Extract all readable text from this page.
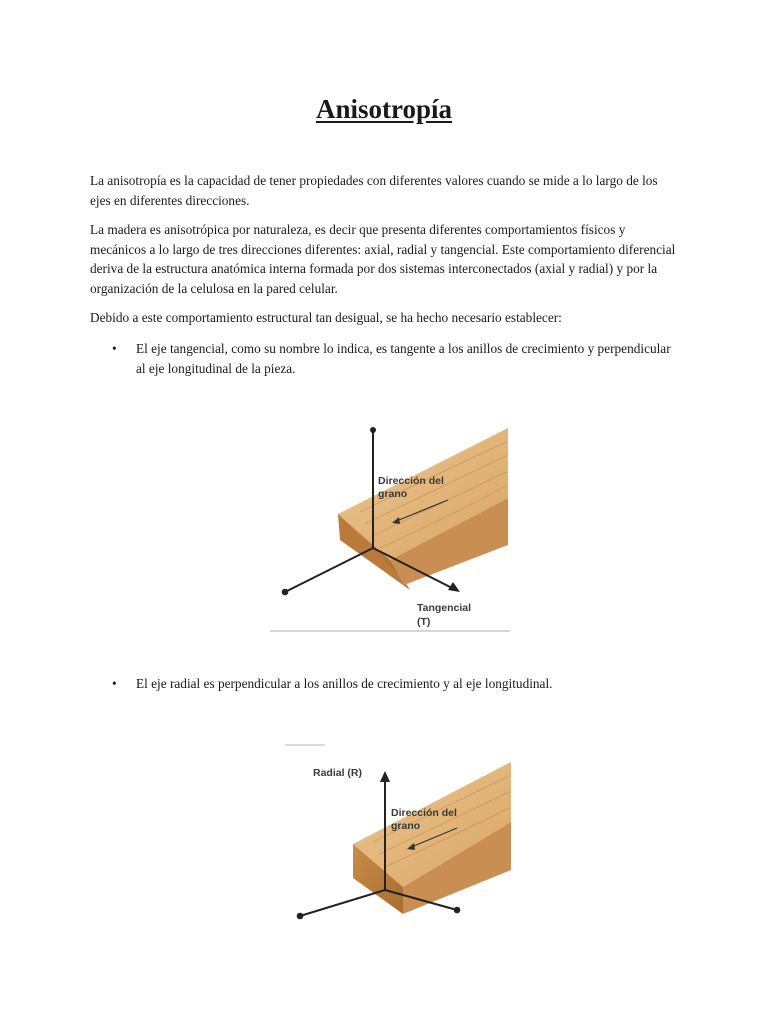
Anisotropía

La anisotropía es la capacidad de tener propiedades con diferentes valores cuando se mide a lo largo de los ejes en diferentes direcciones.

La madera es anisotrópica por naturaleza, es decir que presenta diferentes comportamientos físicos y mecánicos a lo largo de tres direcciones diferentes: axial, radial y tangencial. Este comportamiento diferencial deriva de la estructura anatómica interna formada por dos sistemas interconectados (axial y radial) y por la organización de la celulosa en la pared celular.

Debido a este comportamiento estructural tan desigual, se ha hecho necesario establecer:

• El eje tangencial, como su nombre lo indica, es tangente a los anillos de crecimiento y perpendicular al eje longitudinal de la pieza.
Dirección del
grano
Tangencial
(T)
• El eje radial es perpendicular a los anillos de crecimiento y al eje longitudinal.
Radial (R)
Dirección del
grano
